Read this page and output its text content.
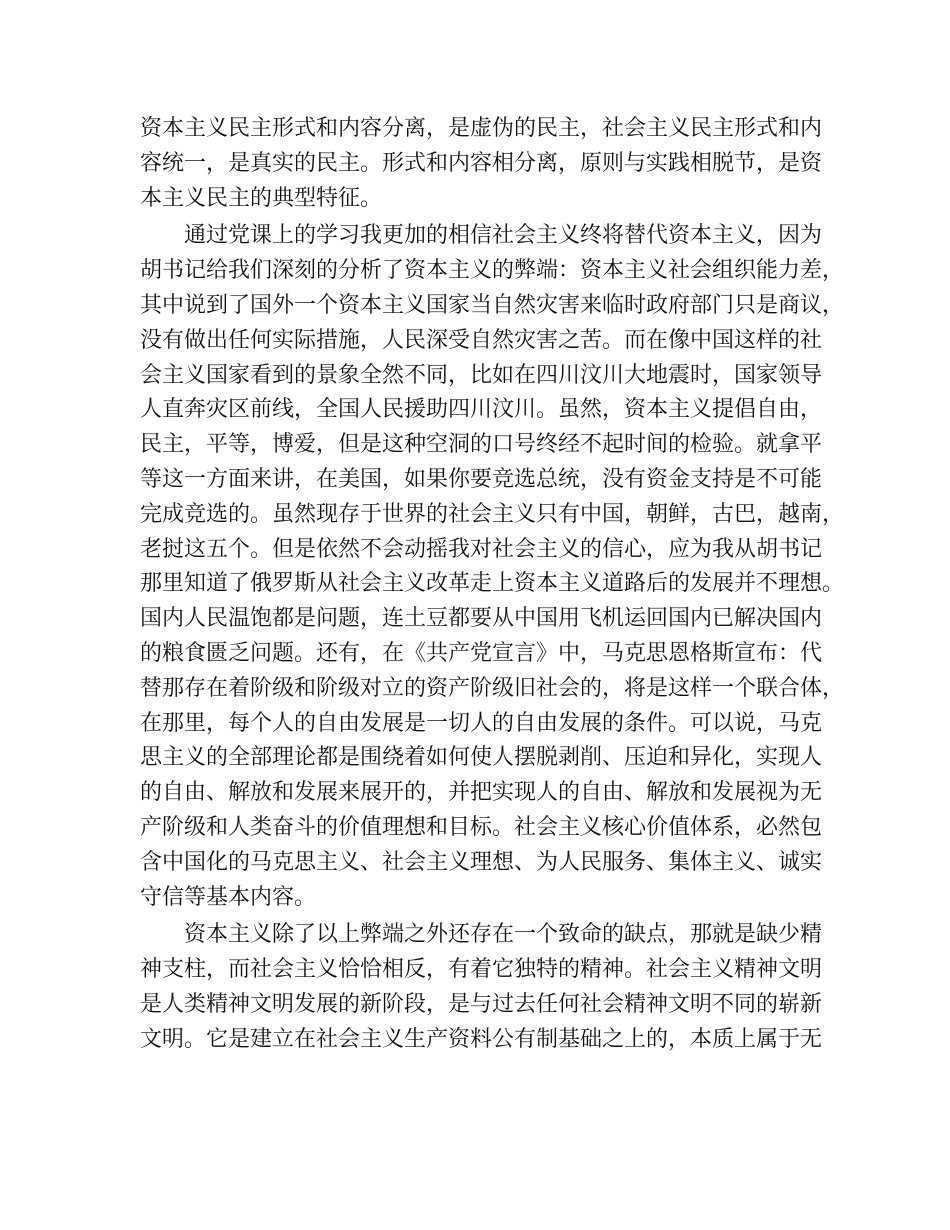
资本主义民主形式和内容分离，是虚伪的民主，社会主义民主形式和内
容统一，是真实的民主。形式和内容相分离，原则与实践相脱节，是资
本主义民主的典型特征。
通过党课上的学习我更加的相信社会主义终将替代资本主义，因为
胡书记给我们深刻的分析了资本主义的弊端：资本主义社会组织能力差，
其中说到了国外一个资本主义国家当自然灾害来临时政府部门只是商议，
没有做出任何实际措施，人民深受自然灾害之苦。而在像中国这样的社
会主义国家看到的景象全然不同，比如在四川汶川大地震时，国家领导
人直奔灾区前线，全国人民援助四川汶川。虽然，资本主义提倡自由，
民主，平等，博爱，但是这种空洞的口号终经不起时间的检验。就拿平
等这一方面来讲，在美国，如果你要竞选总统，没有资金支持是不可能
完成竞选的。虽然现存于世界的社会主义只有中国，朝鲜，古巴，越南，
老挝这五个。但是依然不会动摇我对社会主义的信心，应为我从胡书记
那里知道了俄罗斯从社会主义改革走上资本主义道路后的发展并不理想。
国内人民温饱都是问题，连土豆都要从中国用飞机运回国内已解决国内
的粮食匮乏问题。还有，在《共产党宣言》中，马克思恩格斯宣布：代
替那存在着阶级和阶级对立的资产阶级旧社会的，将是这样一个联合体，
在那里，每个人的自由发展是一切人的自由发展的条件。可以说，马克
思主义的全部理论都是围绕着如何使人摆脱剥削、压迫和异化，实现人
的自由、解放和发展来展开的，并把实现人的自由、解放和发展视为无
产阶级和人类奋斗的价值理想和目标。社会主义核心价值体系，必然包
含中国化的马克思主义、社会主义理想、为人民服务、集体主义、诚实
守信等基本内容。
资本主义除了以上弊端之外还存在一个致命的缺点，那就是缺少精
神支柱，而社会主义恰恰相反，有着它独特的精神。社会主义精神文明
是人类精神文明发展的新阶段，是与过去任何社会精神文明不同的崭新
文明。它是建立在社会主义生产资料公有制基础之上的，本质上属于无
